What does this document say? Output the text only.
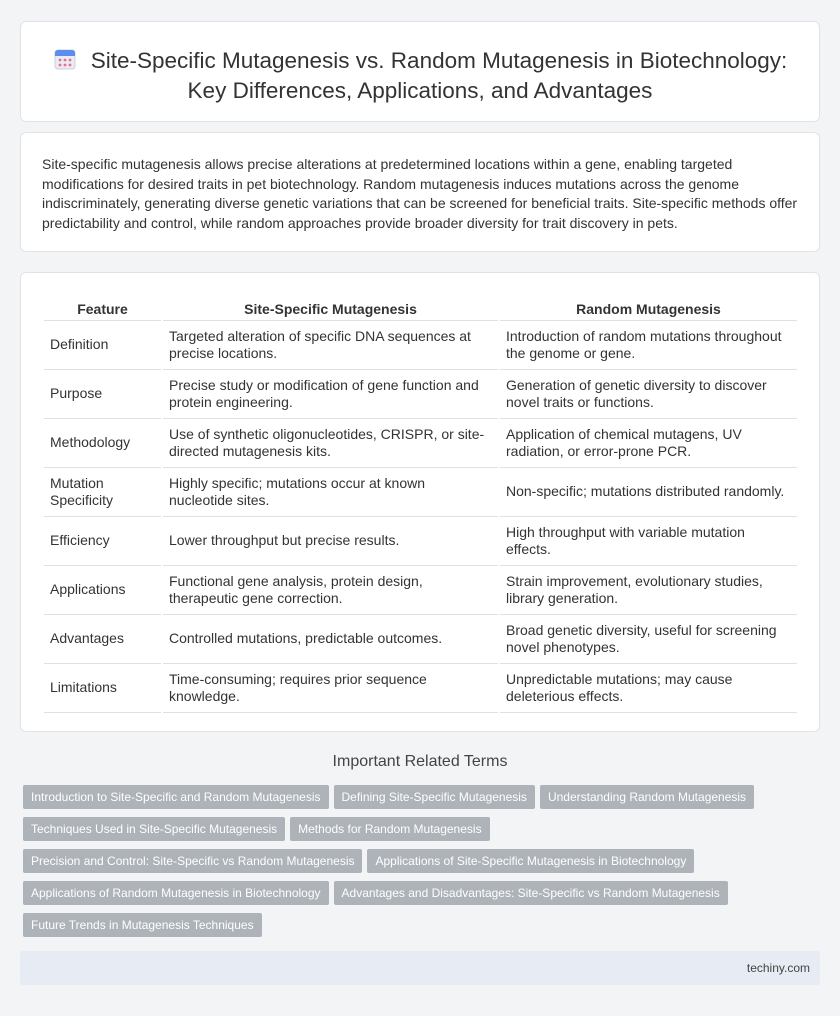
Site-Specific Mutagenesis vs. Random Mutagenesis in Biotechnology: Key Differences, Applications, and Advantages

Site-specific mutagenesis allows precise alterations at predetermined locations within a gene, enabling targeted modifications for desired traits in pet biotechnology. Random mutagenesis induces mutations across the genome indiscriminately, generating diverse genetic variations that can be screened for beneficial traits. Site-specific methods offer predictability and control, while random approaches provide broader diversity for trait discovery in pets.

Feature	Site-Specific Mutagenesis	Random Mutagenesis
Definition	Targeted alteration of specific DNA sequences at precise locations.	Introduction of random mutations throughout the genome or gene.
Purpose	Precise study or modification of gene function and protein engineering.	Generation of genetic diversity to discover novel traits or functions.
Methodology	Use of synthetic oligonucleotides, CRISPR, or site-directed mutagenesis kits.	Application of chemical mutagens, UV radiation, or error-prone PCR.
Mutation Specificity	Highly specific; mutations occur at known nucleotide sites.	Non-specific; mutations distributed randomly.
Efficiency	Lower throughput but precise results.	High throughput with variable mutation effects.
Applications	Functional gene analysis, protein design, therapeutic gene correction.	Strain improvement, evolutionary studies, library generation.
Advantages	Controlled mutations, predictable outcomes.	Broad genetic diversity, useful for screening novel phenotypes.
Limitations	Time-consuming; requires prior sequence knowledge.	Unpredictable mutations; may cause deleterious effects.
Important Related Terms
Introduction to Site-Specific and Random Mutagenesis Defining Site-Specific Mutagenesis Understanding Random Mutagenesis
Techniques Used in Site-Specific Mutagenesis Methods for Random Mutagenesis
Precision and Control: Site-Specific vs Random Mutagenesis Applications of Site-Specific Mutagenesis in Biotechnology
Applications of Random Mutagenesis in Biotechnology Advantages and Disadvantages: Site-Specific vs Random Mutagenesis
Future Trends in Mutagenesis Techniques
techiny.com
